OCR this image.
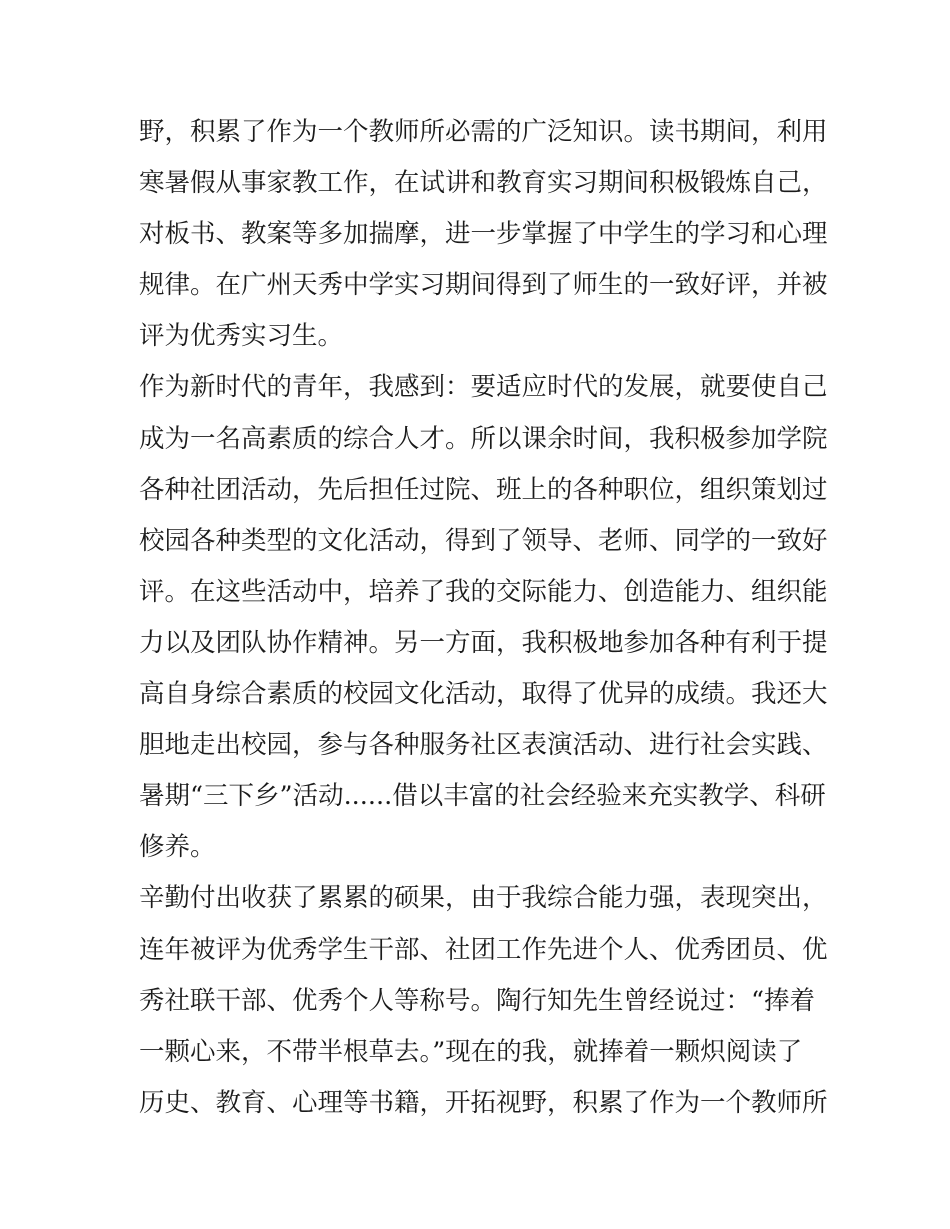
野，积累了作为一个教师所必需的广泛知识。读书期间，利用
寒暑假从事家教工作，在试讲和教育实习期间积极锻炼自己，
对板书、教案等多加揣摩，进一步掌握了中学生的学习和心理
规律。在广州天秀中学实习期间得到了师生的一致好评，并被
评为优秀实习生。
作为新时代的青年，我感到：要适应时代的发展，就要使自己
成为一名高素质的综合人才。所以课余时间，我积极参加学院
各种社团活动，先后担任过院、班上的各种职位，组织策划过
校园各种类型的文化活动，得到了领导、老师、同学的一致好
评。在这些活动中，培养了我的交际能力、创造能力、组织能
力以及团队协作精神。另一方面，我积极地参加各种有利于提
高自身综合素质的校园文化活动，取得了优异的成绩。我还大
胆地走出校园，参与各种服务社区表演活动、进行社会实践、
暑期“三下乡”活动......借以丰富的社会经验来充实教学、科研
修养。
辛勤付出收获了累累的硕果，由于我综合能力强，表现突出，
连年被评为优秀学生干部、社团工作先进个人、优秀团员、优
秀社联干部、优秀个人等称号。陶行知先生曾经说过：“捧着
一颗心来，不带半根草去。”现在的我，就捧着一颗炽阅读了
历史、教育、心理等书籍，开拓视野，积累了作为一个教师所
